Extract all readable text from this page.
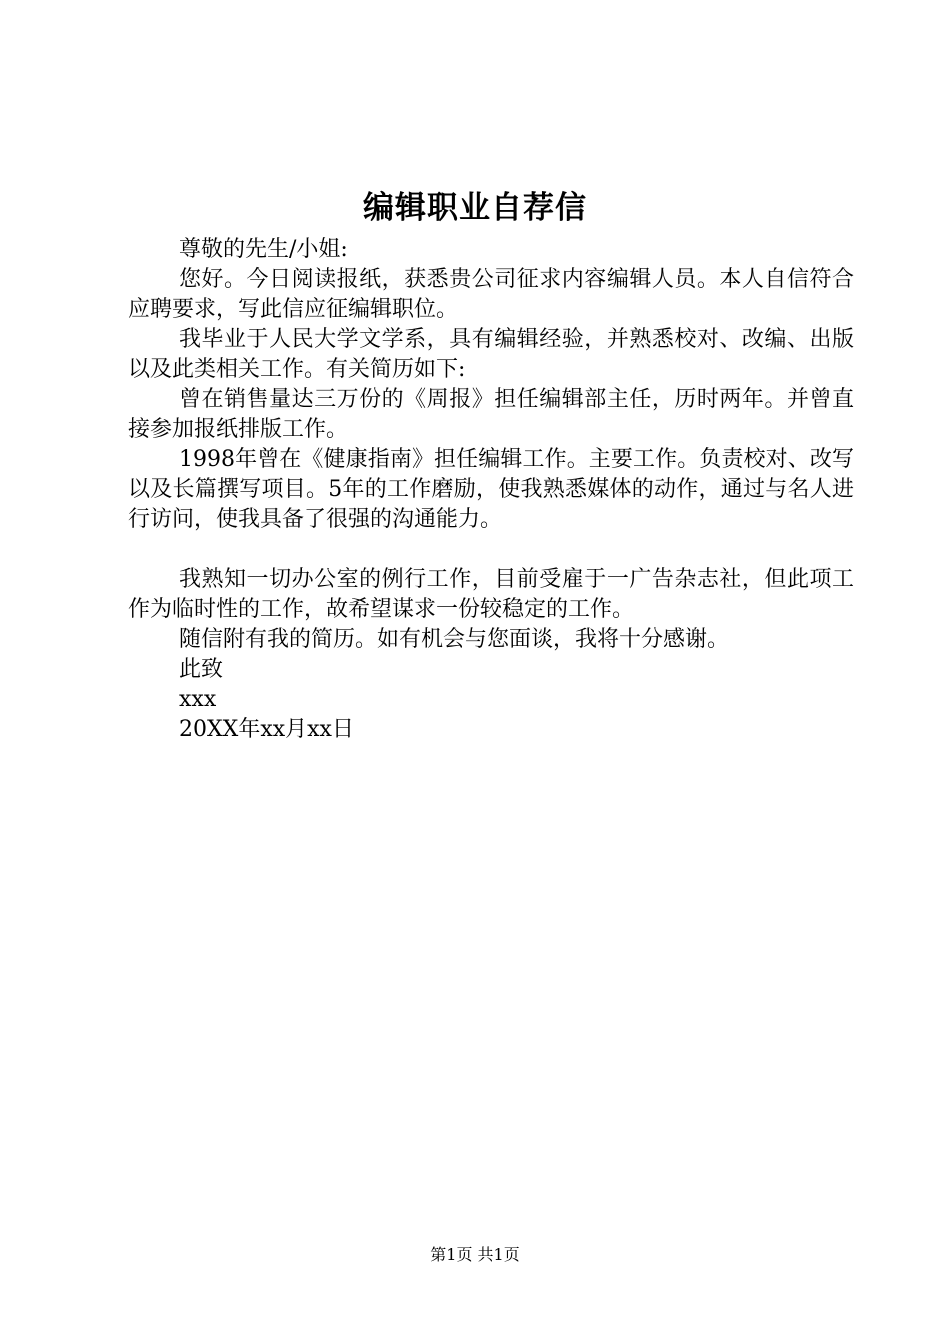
编辑职业自荐信

尊敬的先生/小姐:

您好。今日阅读报纸，获悉贵公司征求内容编辑人员。本人自信符合应聘要求，写此信应征编辑职位。

我毕业于人民大学文学系，具有编辑经验，并熟悉校对、改编、出版以及此类相关工作。有关简历如下:

曾在销售量达三万份的《周报》担任编辑部主任，历时两年。并曾直接参加报纸排版工作。

1998年曾在《健康指南》担任编辑工作。主要工作。负责校对、改写以及长篇撰写项目。5年的工作磨励，使我熟悉媒体的动作，通过与名人进行访问，使我具备了很强的沟通能力。

我熟知一切办公室的例行工作，目前受雇于一广告杂志社，但此项工作为临时性的工作，故希望谋求一份较稳定的工作。

随信附有我的简历。如有机会与您面谈，我将十分感谢。

此致

xxx

20XX年xx月xx日

第1页 共1页
